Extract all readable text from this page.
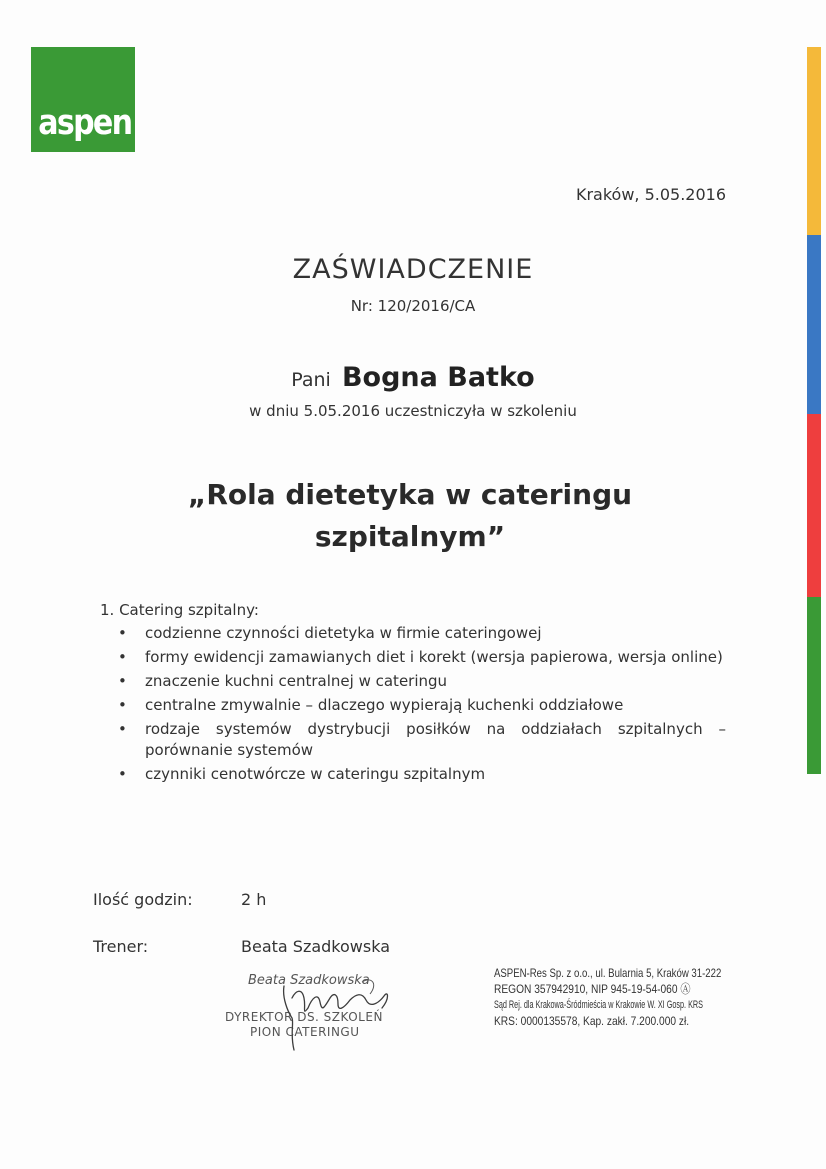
aspen
Kraków, 5.05.2016
ZAŚWIADCZENIE
Nr: 120/2016/CA
Pani Bogna Batko
w dniu 5.05.2016 uczestniczyła w szkoleniu
„Rola dietetyka w cateringu
szpitalnym”
1. Catering szpitalny:
• codzienne czynności dietetyka w firmie cateringowej
• formy ewidencji zamawianych diet i korekt (wersja papierowa, wersja online)
• znaczenie kuchni centralnej w cateringu
• centralne zmywalnie – dlaczego wypierają kuchenki oddziałowe
• rodzaje systemów dystrybucji posiłków na oddziałach szpitalnych – porównanie systemów
• czynniki cenotwórcze w cateringu szpitalnym
Ilość godzin:	2 h
Trener:	Beata Szadkowska
Beata Szadkowska
DYREKTOR DS. SZKOLEŃ
PION CATERINGU
ASPEN-Res Sp. z o.o., ul. Bularnia 5, Kraków 31-222
REGON 357942910, NIP 945-19-54-060 Ⓐ
Sąd Rej. dla Krakowa-Śródmieścia w Krakowie W. XI Gosp. KRS
KRS: 0000135578, Kap. zakł. 7.200.000 zł.
